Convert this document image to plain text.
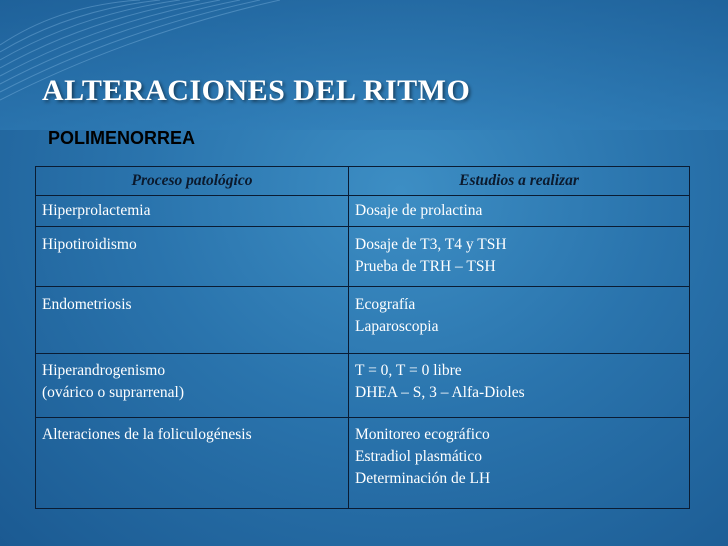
ALTERACIONES DEL RITMO

POLIMENORREA

Proceso patológico	Estudios a realizar

Hiperprolactemia	Dosaje de prolactina

Hipotiroidismo	Dosaje de T3, T4 y TSH
Prueba de TRH – TSH

Endometriosis	Ecografía
Laparoscopia

Hiperandrogenismo
(ovárico o suprarrenal)	T = 0, T = 0 libre
DHEA – S, 3 – Alfa-Dioles

Alteraciones de la foliculogénesis	Monitoreo ecográfico
Estradiol plasmático
Determinación de LH
